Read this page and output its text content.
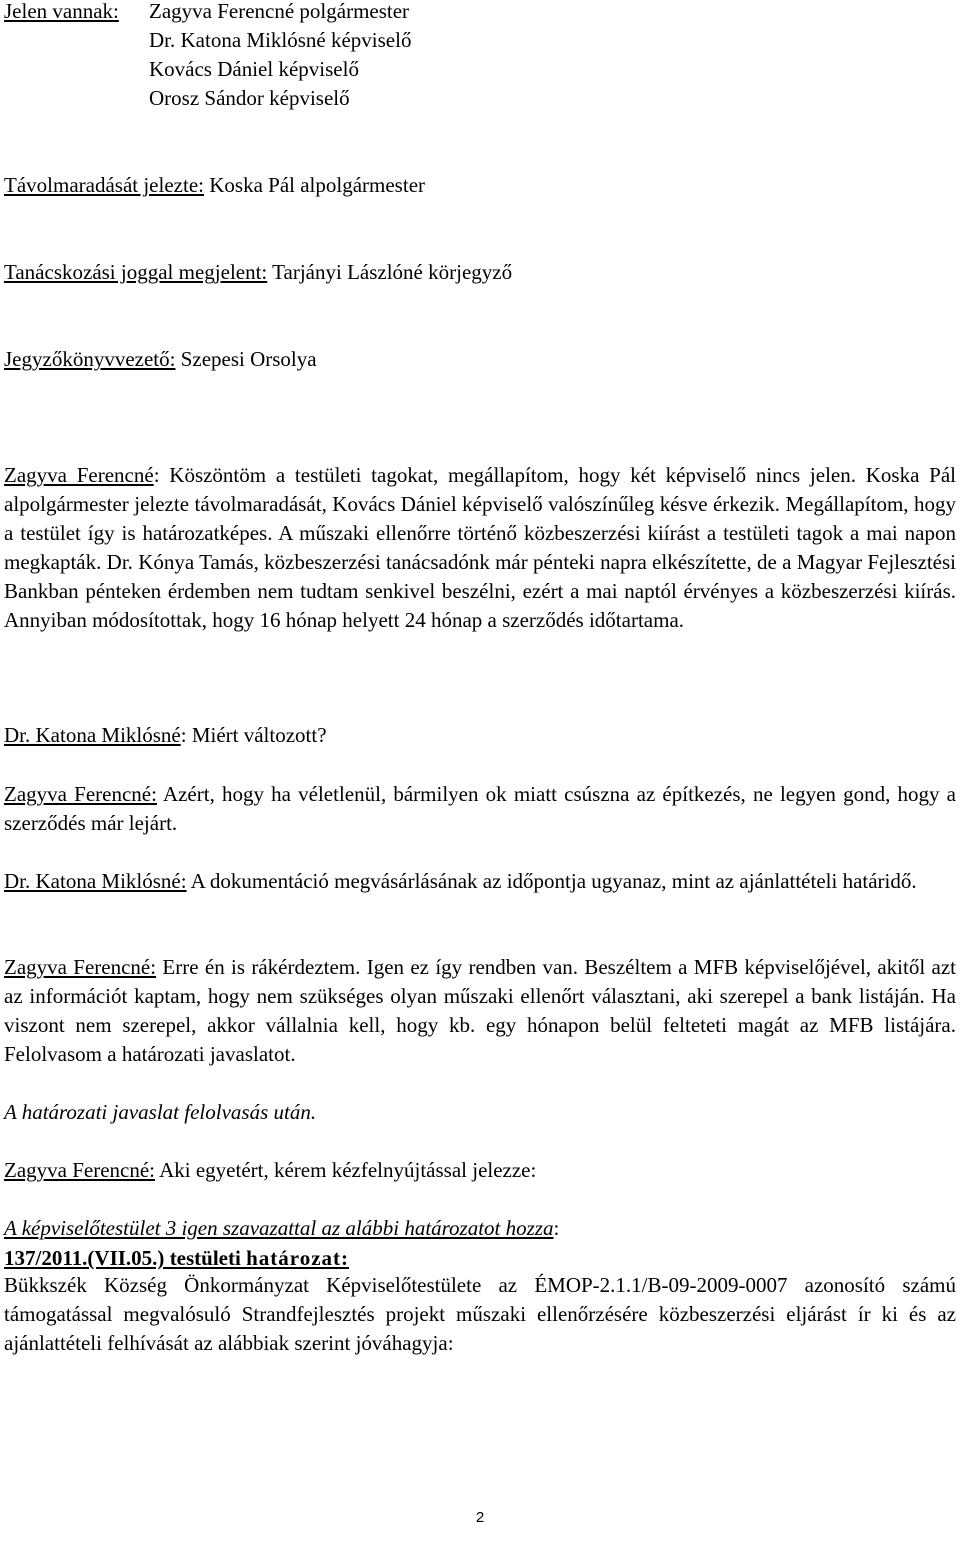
Jelen vannak:	Zagyva Ferencné polgármester
Dr. Katona Miklósné képviselő
Kovács Dániel képviselő
Orosz Sándor képviselő
Távolmaradását jelezte: Koska Pál alpolgármester
Tanácskozási joggal megjelent: Tarjányi Lászlóné körjegyző
Jegyzőkönyvvezető: Szepesi Orsolya
Zagyva Ferencné: Köszöntöm a testületi tagokat, megállapítom, hogy két képviselő nincs jelen. Koska Pál alpolgármester jelezte távolmaradását, Kovács Dániel képviselő valószínűleg késve érkezik. Megállapítom, hogy a testület így is határozatképes. A műszaki ellenőrre történő közbeszerzési kiírást a testületi tagok a mai napon megkapták. Dr. Kónya Tamás, közbeszerzési tanácsadónk már pénteki napra elkészítette, de a Magyar Fejlesztési Bankban pénteken érdemben nem tudtam senkivel beszélni, ezért a mai naptól érvényes a közbeszerzési kiírás. Annyiban módosítottak, hogy 16 hónap helyett 24 hónap a szerződés időtartama.
Dr. Katona Miklósné: Miért változott?
Zagyva Ferencné: Azért, hogy ha véletlenül, bármilyen ok miatt csúszna az építkezés, ne legyen gond, hogy a szerződés már lejárt.
Dr. Katona Miklósné: A dokumentáció megvásárlásának az időpontja ugyanaz, mint az ajánlattételi határidő.
Zagyva Ferencné: Erre én is rákérdeztem. Igen ez így rendben van. Beszéltem a MFB képviselőjével, akitől azt az információt kaptam, hogy nem szükséges olyan műszaki ellenőrt választani, aki szerepel a bank listáján. Ha viszont nem szerepel, akkor vállalnia kell, hogy kb. egy hónapon belül felteteti magát az MFB listájára. Felolvasom a határozati javaslatot.
A határozati javaslat felolvasás után.
Zagyva Ferencné: Aki egyetért, kérem kézfelnyújtással jelezze:
A képviselőtestület 3 igen szavazattal az alábbi határozatot hozza:
137/2011.(VII.05.) testületi határozat:
Bükkszék Község Önkormányzat Képviselőtestülete az ÉMOP-2.1.1/B-09-2009-0007 azonosító számú támogatással megvalósuló Strandfejlesztés projekt műszaki ellenőrzésére közbeszerzési eljárást ír ki és az ajánlattételi felhívását az alábbiak szerint jóváhagyja:
2
